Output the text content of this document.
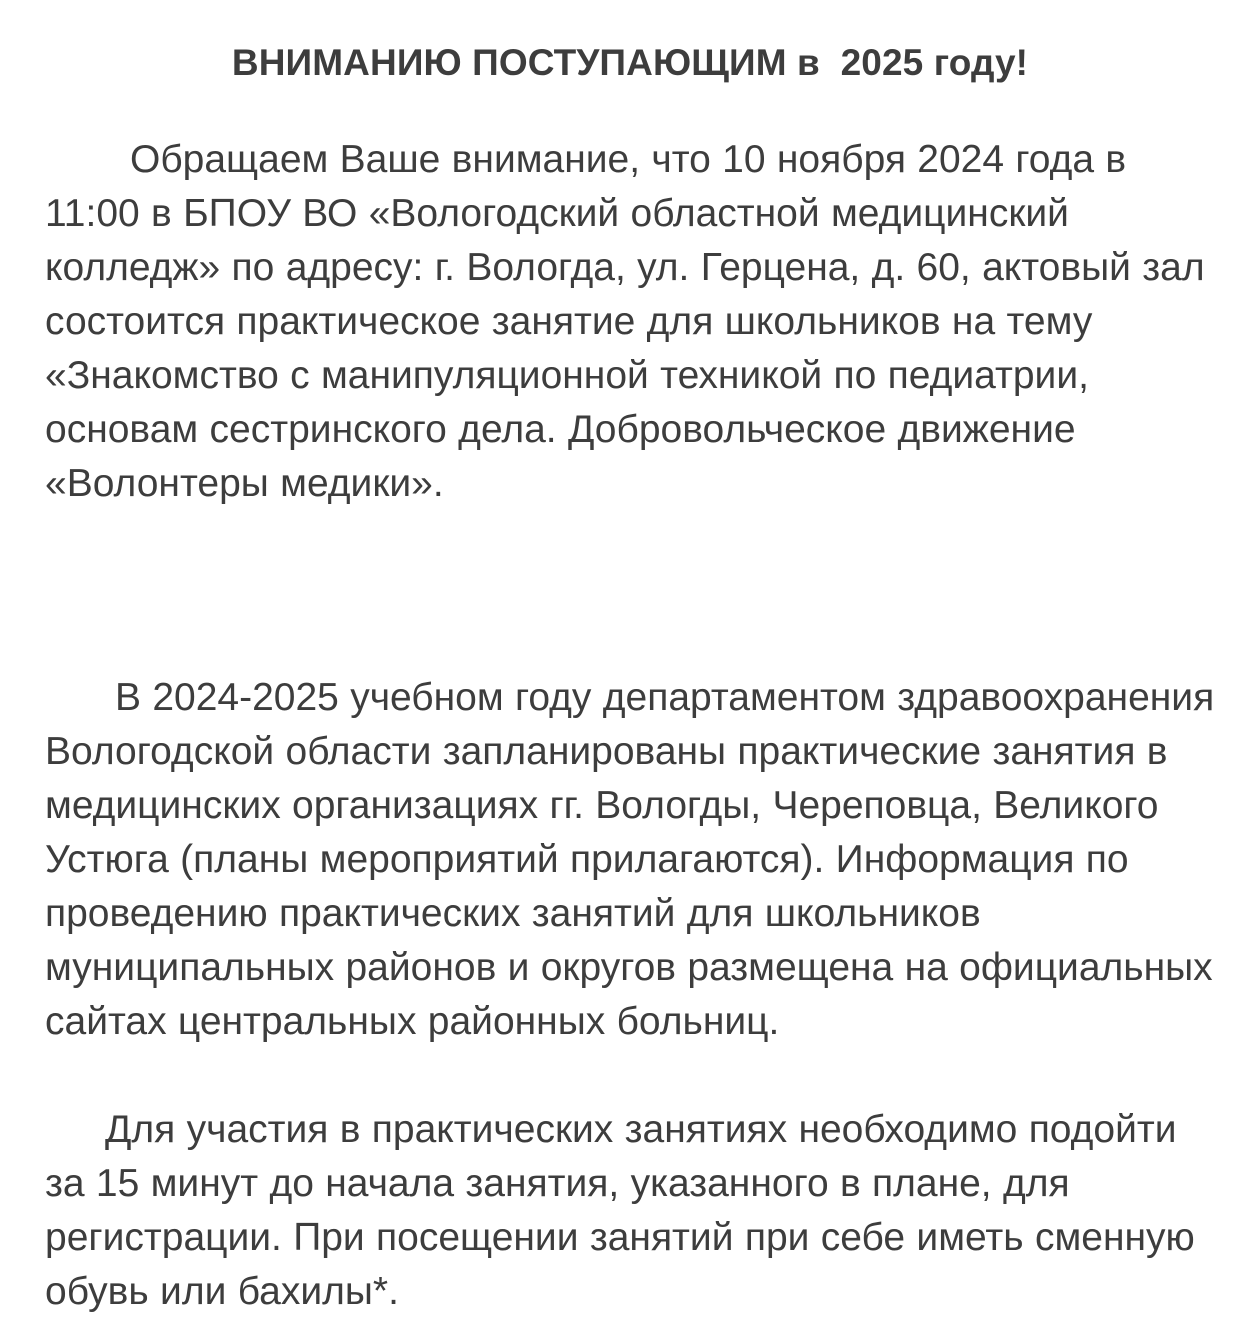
ВНИМАНИЮ ПОСТУПАЮЩИМ в  2025 году!

Обращаем Ваше внимание, что 10 ноября 2024 года в 11:00 в БПОУ ВО «Вологодский областной медицинский колледж» по адресу: г. Вологда, ул. Герцена, д. 60, актовый зал состоится практическое занятие для школьников на тему «Знакомство с манипуляционной техникой по педиатрии, основам сестринского дела. Добровольческое движение «Волонтеры медики».

В 2024-2025 учебном году департаментом здравоохранения Вологодской области запланированы практические занятия в медицинских организациях гг. Вологды, Череповца, Великого Устюга (планы мероприятий прилагаются). Информация по проведению практических занятий для школьников муниципальных районов и округов размещена на официальных сайтах центральных районных больниц.

Для участия в практических занятиях необходимо подойти за 15 минут до начала занятия, указанного в плане, для регистрации. При посещении занятий при себе иметь сменную обувь или бахилы*.
